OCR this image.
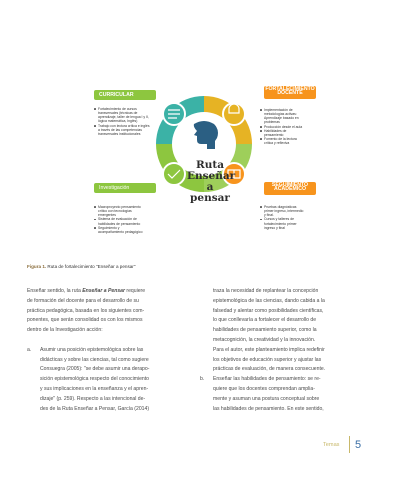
Ruta
Enseñar
a pensar
CURRICULAR
Fortalecimiento de cursos
transversales (técnicas de
aprendizaje, taller de lengua I y II,
lógica matemática, Inglés)
Trabajo con lectura crítica e inglés
a través de las competencias
transversales institucionales
FORTALECIMIENTO
DOCENTE
Implementación de
metodologías activas:
Aprendizaje basado en
problemas
Producción desde el aula
Habilidades de
pensamiento
Fomento de la lectura
crítica y reflexiva
Investigación
Macroproyecto pensamiento
crítico con tecnologías
emergentes
Sistema de evaluación de
habilidades de pensamiento
Seguimiento y
acompañamiento pedagógico
SEGUIMIENTO
ACADÉMICO
Pruebas diagnósticas
primer ingreso, intermedio
y final.
Cursos y talleres de
fortalecimiento primer
ingreso y final
Figura 1. Ruta de fortalecimiento "Enseñar a pensar"

Enseñar sentido, la ruta Enseñar a Pensar requiere

de formación del docente para el desarrollo de su

práctica pedagógica, basada en los siguientes com-

ponentes, que serán consolidad os con los mismos

dentro de la Investigación acción:

a. Asumir una posición epistemológica sobre las

didácticas y sobre las ciencias, tal como sugiere

Consuegra (2005): "se debe asumir una derapo-

sición epistemológica respecto del conocimiento

y sus implicaciones en la enseñanza y el apren-

dizaje" (p. 259). Respecto a las intencional de-

des de la Ruta Enseñar a Pensar, García (2014)

traza la necesidad de replantear la concepción

epistemológica de las ciencias, dando cabida a la

falsedad y alentar como posibilidades científicas,

lo que conllevaría a fortalecer el desarrollo de

habilidades de pensamiento superior, como la

metacognición, la creatividad y la innovación.

Para el autor, este planteamiento implica redefinir

los objetivos de educación superior y ajustar las

prácticas de evaluación, de manera consecuente.

b. Enseñar las habilidades de pensamiento: se re-

quiere que los docentes comprendan amplia-

mente y asuman una postura conceptual sobre

las habilidades de pensamiento. En este sentido,

Temas 5
